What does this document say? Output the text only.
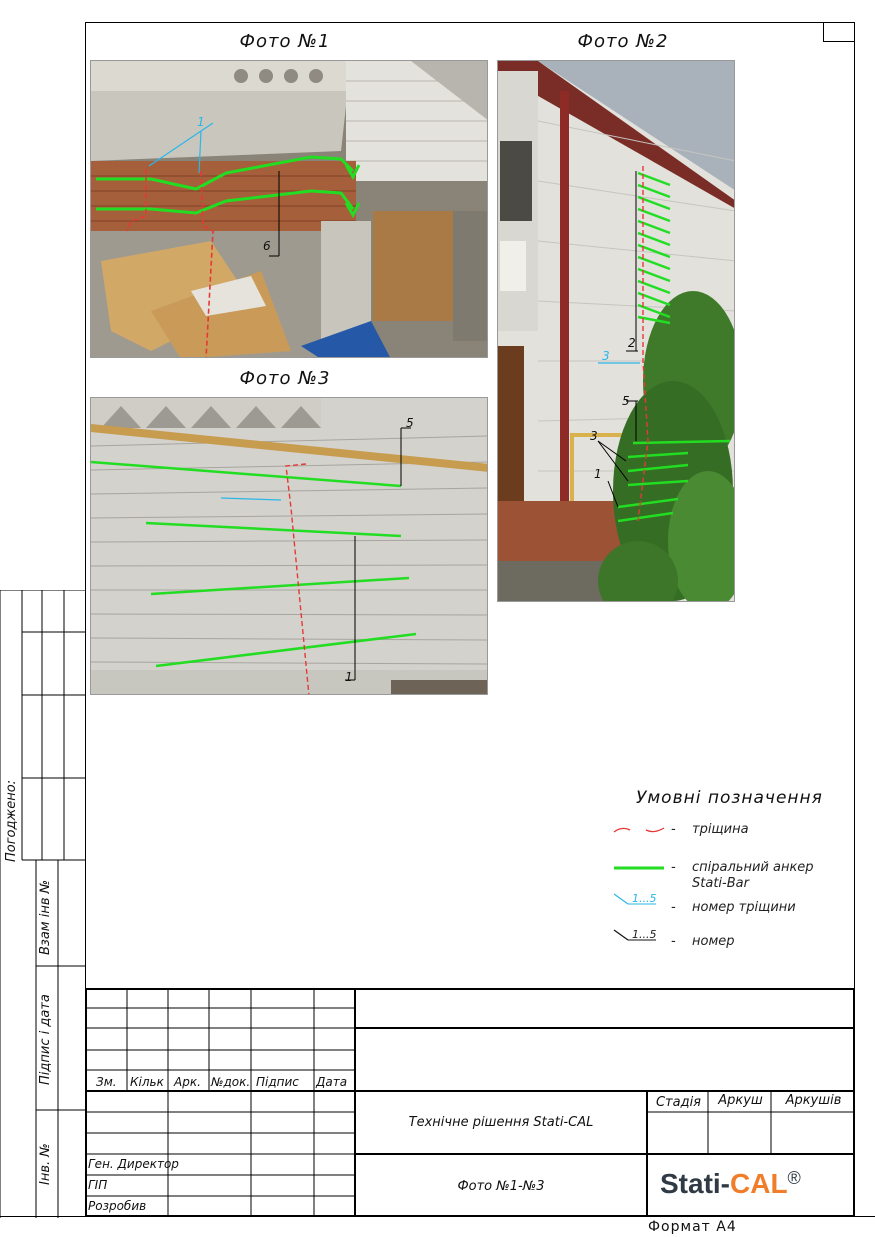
Фото №1	Фото №2
Фото №3
1
6
2
3
5
3
1
5
1
Умовні позначення
1...5
1...5
- тріщина
- спіральний анкер
Stati-Bar
- номер тріщини
- номер
Погоджено:
Взам інв №
Підпис і дата
Інв. №
Зм. Кільк Арк. №док. Підпис Дата
Ген. Директор
ГІП
Розробив
Технічне рішення Stati-CAL
Фото №1-№3
Стадія	Аркуш	Аркушів
Stati-CAL®
Формат А4
